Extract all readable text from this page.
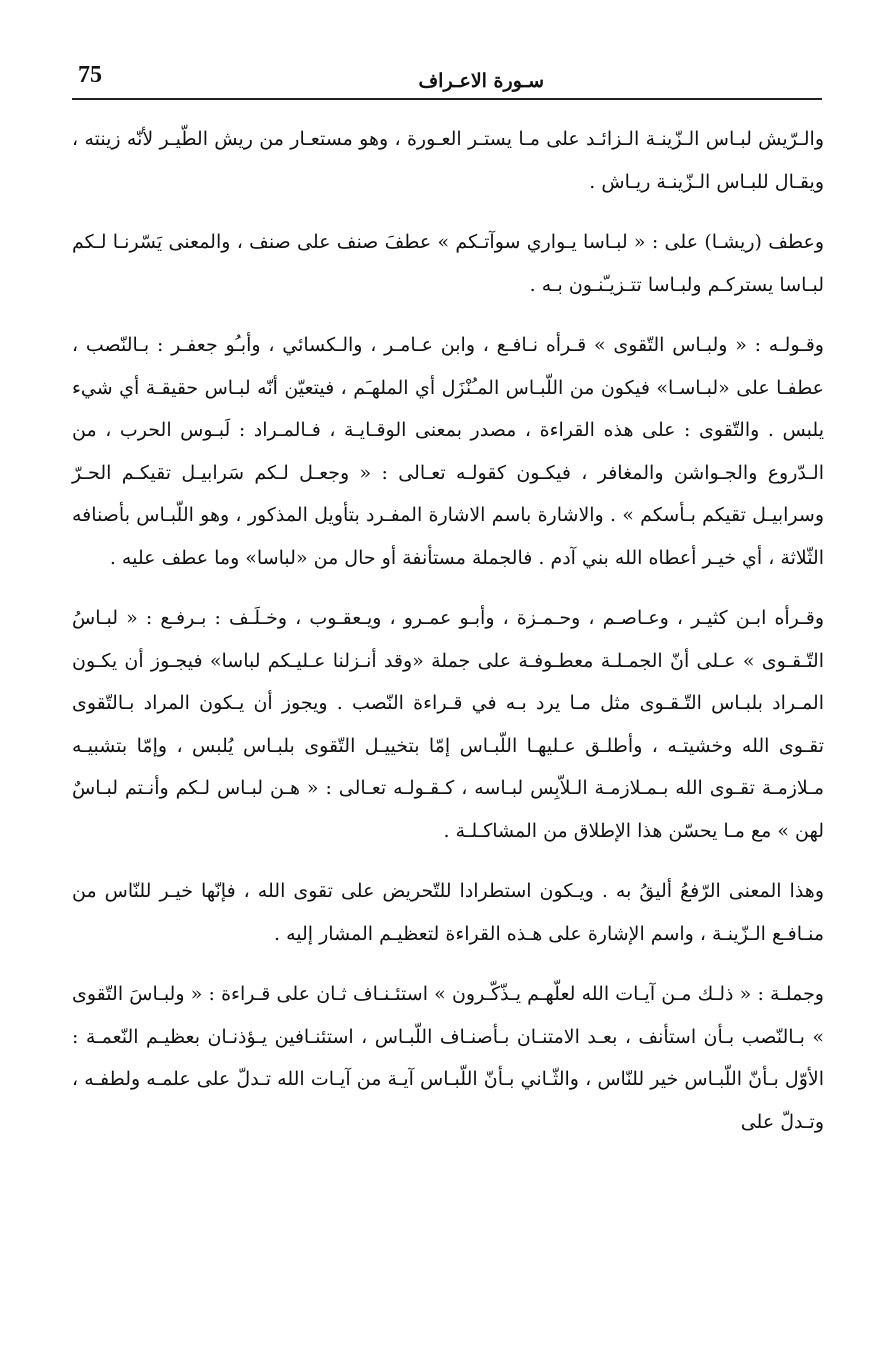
75	سـورة الاعـراف

والـرّيش لبـاس الـزّينـة الـزائـد على مـا يستـر العـورة ، وهو مستعـار من ريش الطّيـر لأنّه زينته ، ويقـال للبـاس الـزّينـة ريـاش .

وعطف (ريشـا) على : « لبـاسا يـواري سوآتـكم » عطفَ صنف على صنف ، والمعنى يَسّرنـا لـكم لبـاسا يستركـم ولبـاسا تتـزيـّنـون بـه .

وقـولـه : « ولبـاس التّقوى » قـرأه نـافـع ، وابن عـامـر ، والـكسائي ، وأبـُو جعفـر : بـالنّصب ، عطفـا على «لبـاسـا» فيكون من اللّبـاس المـُنْزَل أي الملهـَم ، فيتعيّن أنّه لبـاس حقيقـة أي شيء يلبس . والتّقوى : على هذه القراءة ، مصدر بمعنى الوقـايـة ، فـالمـراد : لَبـوس الحرب ، من الـدّروع والجـواشن والمغافر ، فيكـون كقولـه تعـالى : « وجعـل لـكم سَرابيـل تقيكـم الحـرّ وسرابيـل تقيكم بـأسكم » . والاشارة باسم الاشارة المفـرد بتأويل المذكور ، وهو اللّبـاس بأصنافه الثّلاثة ، أي خيـر أعطاه الله بني آدم . فالجملة مستأنفة أو حال من «لباسا» وما عطف عليه .

وقـرأه ابـن كثيـر ، وعـاصـم ، وحـمـزة ، وأبـو عمـرو ، ويـعقـوب ، وخـلَـف : بـرفـع : « لبـاسُ التّـقـوى » عـلى أنّ الجمـلـة معطـوفـة على جملة «وقد أنـزلنا عـليـكم لباسا» فيجـوز أن يكـون المـراد بلبـاس التّـقـوى مثل مـا يرد بـه في قـراءة النّصب . ويجوز أن يـكون المراد بـالتّقوى تقـوى الله وخشيتـه ، وأطلـق عـليهـا اللّبـاس إمّا بتخييـل التّقوى بلبـاس يُلبس ، وإمّا بتشبيـه مـلازمـة تقـوى الله بـمـلازمـة الـلاّبِس لبـاسه ، كـقـولـه تعـالى : « هـن لبـاس لـكم وأنـتم لبـاسٌ لهن » مع مـا يحسّن هذا الإطلاق من المشاكـلـة .

وهذا المعنى الرّفعُ أليقُ به . ويـكون استطرادا للتّحريض على تقوى الله ، فإنّها خيـر للنّاس من منـافـع الـزّينـة ، واسم الإشارة على هـذه القراءة لتعظيـم المشار إليه .

وجملـة : « ذلـك مـن آيـات الله لعلّهـم يـذّكّـرون » استئـنـاف ثـان على قـراءة : « ولبـاسَ التّقوى » بـالنّصب بـأن استأنف ، بعـد الامتنـان بـأصنـاف اللّبـاس ، استئنـافين يـؤذنـان بعظيـم النّعمـة : الأوّل بـأنّ اللّبـاس خير للنّاس ، والثّـاني بـأنّ اللّبـاس آيـة من آيـات الله تـدلّ على علمـه ولطفـه ، وتـدلّ على
